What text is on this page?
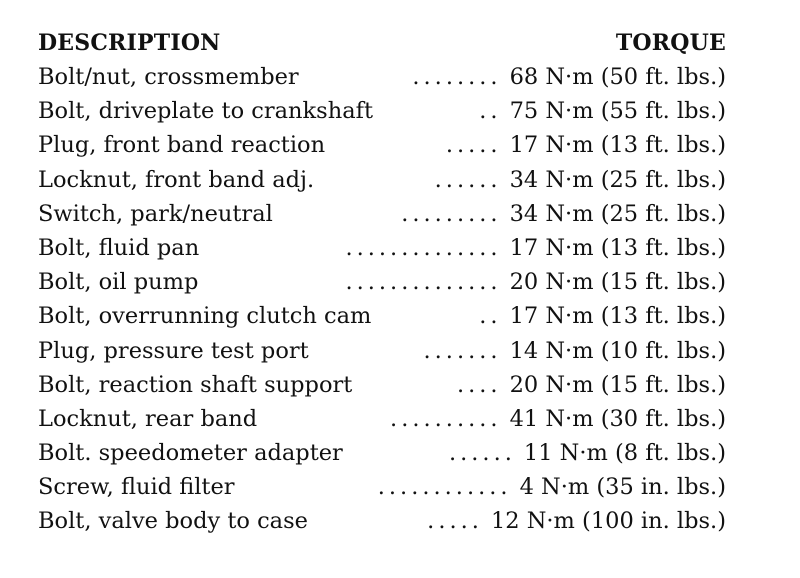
DESCRIPTION	TORQUE
Bolt/nut, crossmember	........ 68 N·m (50 ft. lbs.)
Bolt, driveplate to crankshaft	.. 75 N·m (55 ft. lbs.)
Plug, front band reaction	..... 17 N·m (13 ft. lbs.)
Locknut, front band adj.	...... 34 N·m (25 ft. lbs.)
Switch, park/neutral	......... 34 N·m (25 ft. lbs.)
Bolt, fluid pan	.............. 17 N·m (13 ft. lbs.)
Bolt, oil pump	.............. 20 N·m (15 ft. lbs.)
Bolt, overrunning clutch cam	.. 17 N·m (13 ft. lbs.)
Plug, pressure test port	....... 14 N·m (10 ft. lbs.)
Bolt, reaction shaft support	.... 20 N·m (15 ft. lbs.)
Locknut, rear band	.......... 41 N·m (30 ft. lbs.)
Bolt. speedometer adapter	...... 11 N·m (8 ft. lbs.)
Screw, fluid filter	............ 4 N·m (35 in. lbs.)
Bolt, valve body to case	..... 12 N·m (100 in. lbs.)
